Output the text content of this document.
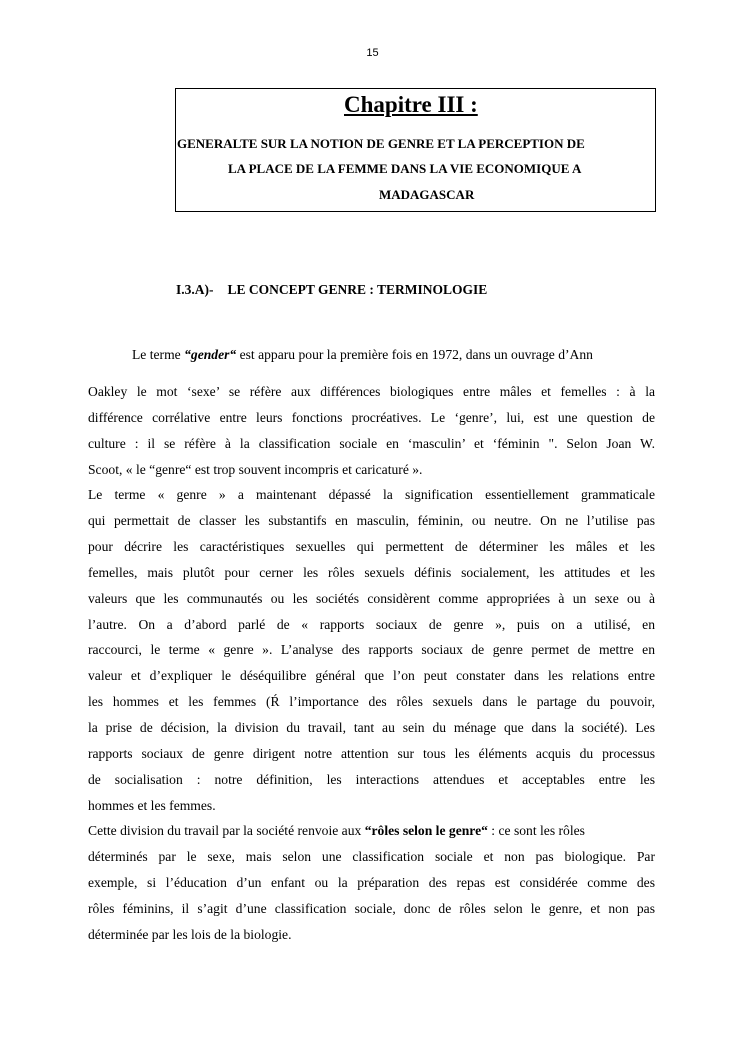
15
Chapitre III :
GENERALTE SUR LA NOTION DE GENRE ET LA PERCEPTION DE
LA PLACE DE LA FEMME DANS LA VIE ECONOMIQUE A
MADAGASCAR
I.3.A)- LE CONCEPT GENRE : TERMINOLOGIE
Le terme “gender“ est apparu pour la première fois en 1972, dans un ouvrage d’Ann
Oakley le mot ‘sexe’ se réfère aux différences biologiques entre mâles et femelles : à la
différence corrélative entre leurs fonctions procréatives. Le ‘genre’, lui, est une question de
culture : il se réfère à la classification sociale en ‘masculin’ et ‘féminin ". Selon Joan W.
Scoot, « le “genre“ est trop souvent incompris et caricaturé ».
Le terme « genre » a maintenant dépassé la signification essentiellement grammaticale
qui permettait de classer les substantifs en masculin, féminin, ou neutre. On ne l’utilise pas
pour décrire les caractéristiques sexuelles qui permettent de déterminer les mâles et les
femelles, mais plutôt pour cerner les rôles sexuels définis socialement, les attitudes et les
valeurs que les communautés ou les sociétés considèrent comme appropriées à un sexe ou à
l’autre. On a d’abord parlé de « rapports sociaux de genre », puis on a utilisé, en
raccourci, le terme « genre ». L’analyse des rapports sociaux de genre permet de mettre en
valeur et d’expliquer le déséquilibre général que l’on peut constater dans les relations entre
les hommes et les femmes (Ŕ l’importance des rôles sexuels dans le partage du pouvoir,
la prise de décision, la division du travail, tant au sein du ménage que dans la société). Les
rapports sociaux de genre dirigent notre attention sur tous les éléments acquis du processus
de socialisation : notre définition, les interactions attendues et acceptables entre les
hommes et les femmes.
Cette division du travail par la société renvoie aux “rôles selon le genre“ : ce sont les rôles
déterminés par le sexe, mais selon une classification sociale et non pas biologique. Par
exemple, si l’éducation d’un enfant ou la préparation des repas est considérée comme des
rôles féminins, il s’agit d’une classification sociale, donc de rôles selon le genre, et non pas
déterminée par les lois de la biologie.
